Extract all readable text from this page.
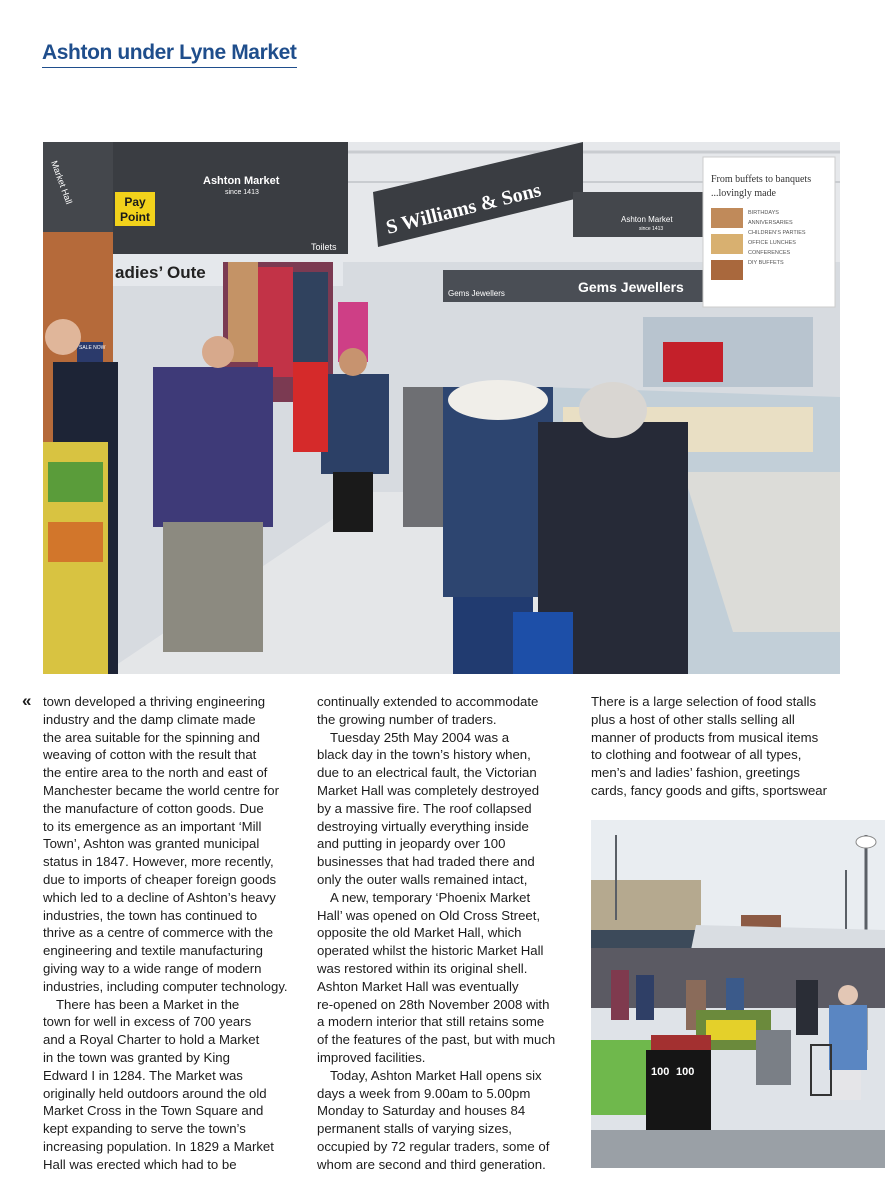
Ashton under Lyne Market
Pay
Point
Ashton Market
since 1413
Toilets
adies’ Oute
Market Hall
SALE NOW
S Williams & Sons
Gems Jewellers
Gems Jewellers
Ashton Market
since 1413
From buffets to banquets
...lovingly made
BIRTHDAYS
ANNIVERSARIES
CHILDREN’S PARTIES
OFFICE LUNCHES
CONFERENCES
DIY BUFFETS
« town developed a thriving engineering
industry and the damp climate made
the area suitable for the spinning and
weaving of cotton with the result that
the entire area to the north and east of
Manchester became the world centre for
the manufacture of cotton goods. Due
to its emergence as an important ‘Mill
Town’, Ashton was granted municipal
status in 1847. However, more recently,
due to imports of cheaper foreign goods
which led to a decline of Ashton’s heavy
industries, the town has continued to
thrive as a centre of commerce with the
engineering and textile manufacturing
giving way to a wide range of modern
industries, including computer technology.

There has been a Market in the
town for well in excess of 700 years
and a Royal Charter to hold a Market
in the town was granted by King
Edward I in 1284. The Market was
originally held outdoors around the old
Market Cross in the Town Square and
kept expanding to serve the town’s
increasing population. In 1829 a Market
Hall was erected which had to be

continually extended to accommodate
the growing number of traders.

Tuesday 25th May 2004 was a
black day in the town’s history when,
due to an electrical fault, the Victorian
Market Hall was completely destroyed
by a massive fire. The roof collapsed
destroying virtually everything inside
and putting in jeopardy over 100
businesses that had traded there and
only the outer walls remained intact,

A new, temporary ‘Phoenix Market
Hall’ was opened on Old Cross Street,
opposite the old Market Hall, which
operated whilst the historic Market Hall
was restored within its original shell.
Ashton Market Hall was eventually
re-opened on 28th November 2008 with
a modern interior that still retains some
of the features of the past, but with much
improved facilities.

Today, Ashton Market Hall opens six
days a week from 9.00am to 5.00pm
Monday to Saturday and houses 84
permanent stalls of varying sizes,
occupied by 72 regular traders, some of
whom are second and third generation.

There is a large selection of food stalls
plus a host of other stalls selling all
manner of products from musical items
to clothing and footwear of all types,
men’s and ladies’ fashion, greetings
cards, fancy goods and gifts, sportswear

100 100
